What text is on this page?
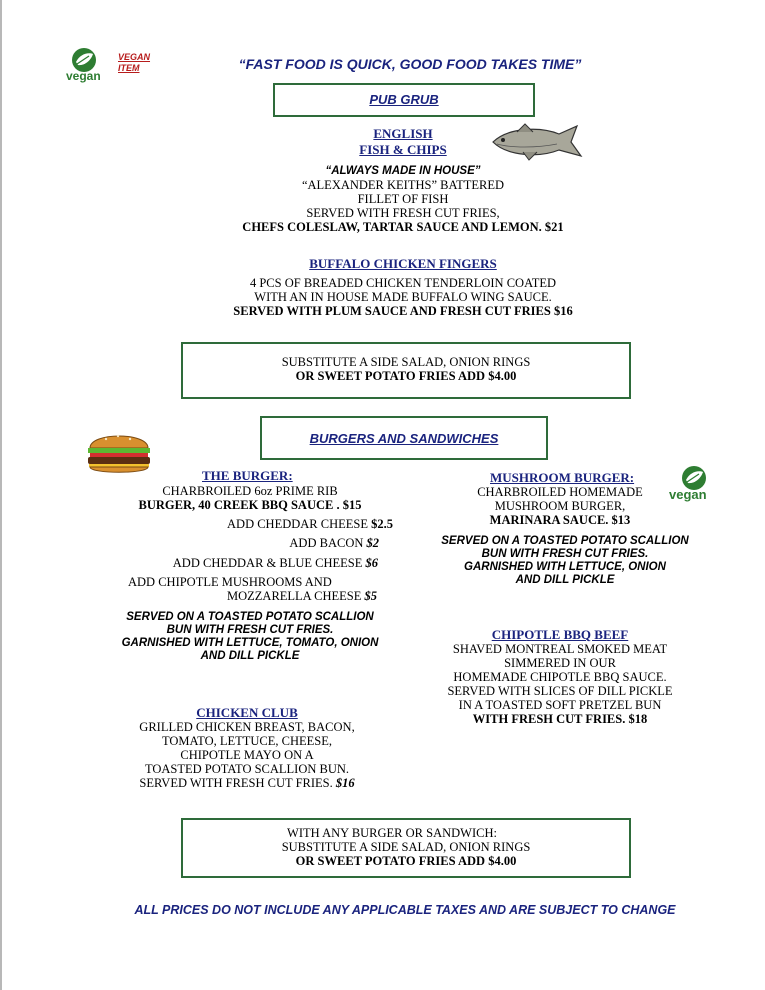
vegan
VEGAN
ITEM	“FAST FOOD IS QUICK, GOOD FOOD TAKES TIME”
PUB GRUB
ENGLISH
FISH & CHIPS
“ALWAYS MADE IN HOUSE”
“ALEXANDER KEITHS” BATTERED
FILLET OF FISH
SERVED WITH FRESH CUT FRIES,
CHEFS COLESLAW, TARTAR SAUCE AND LEMON. $21
BUFFALO CHICKEN FINGERS
4 PCS OF BREADED CHICKEN TENDERLOIN COATED
WITH AN IN HOUSE MADE BUFFALO WING SAUCE.
SERVED WITH PLUM SAUCE AND FRESH CUT FRIES $16
SUBSTITUTE A SIDE SALAD, ONION RINGS
OR SWEET POTATO FRIES ADD $4.00
BURGERS AND SANDWICHES
THE BURGER:
CHARBROILED 6oz PRIME RIB
BURGER, 40 CREEK BBQ SAUCE . $15
ADD CHEDDAR CHEESE $2.5
ADD BACON $2
ADD CHEDDAR & BLUE CHEESE $6
ADD CHIPOTLE MUSHROOMS AND
MOZZARELLA CHEESE $5
SERVED ON A TOASTED POTATO SCALLION
BUN WITH FRESH CUT FRIES.
GARNISHED WITH LETTUCE, TOMATO, ONION
AND DILL PICKLE
MUSHROOM BURGER:
vegan
CHARBROILED HOMEMADE
MUSHROOM BURGER,
MARINARA SAUCE. $13
SERVED ON A TOASTED POTATO SCALLION
BUN WITH FRESH CUT FRIES.
GARNISHED WITH LETTUCE, ONION
AND DILL PICKLE
CHIPOTLE BBQ BEEF
SHAVED MONTREAL SMOKED MEAT
SIMMERED IN OUR
HOMEMADE CHIPOTLE BBQ SAUCE.
SERVED WITH SLICES OF DILL PICKLE
IN A TOASTED SOFT PRETZEL BUN
WITH FRESH CUT FRIES. $18
CHICKEN CLUB
GRILLED CHICKEN BREAST, BACON,
TOMATO, LETTUCE, CHEESE,
CHIPOTLE MAYO ON A
TOASTED POTATO SCALLION BUN.
SERVED WITH FRESH CUT FRIES. $16
WITH ANY BURGER OR SANDWICH:
SUBSTITUTE A SIDE SALAD, ONION RINGS
OR SWEET POTATO FRIES ADD $4.00
ALL PRICES DO NOT INCLUDE ANY APPLICABLE TAXES AND ARE SUBJECT TO CHANGE
